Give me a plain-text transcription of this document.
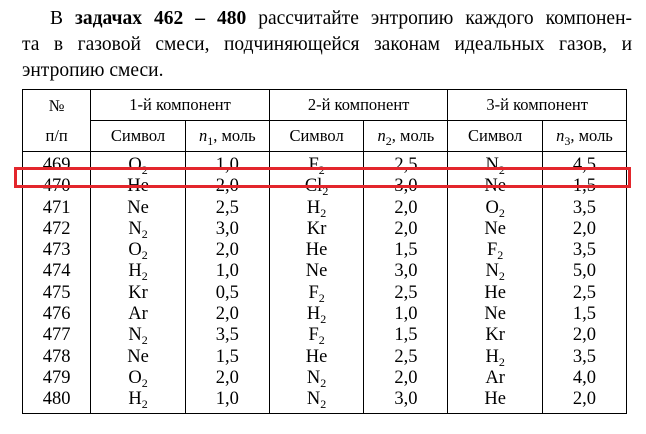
В задачах 462 – 480 рассчитайте энтропию каждого компонен-
та в газовой смеси, подчиняющейся законам идеальных газов, и
энтропию смеси.
№
п/п	1-й компонент		2-й компонент		3-й компонент	
	Символ	$n_1$, моль	Символ	$n_2$, моль	Символ	$n_3$, моль
469	$O_2$	1,0	$F_2$	2,5	$N_2$	4,5
470	He	2,0	$Cl_2$	3,0	Ne	1,5
471	Ne	2,5	$H_2$	2,0	$O_2$	3,5
472	$N_2$	3,0	Kr	2,0	Ne	2,0
473	$O_2$	2,0	He	1,5	$F_2$	3,5
474	$H_2$	1,0	Ne	3,0	$N_2$	5,0
475	Kr	0,5	$F_2$	2,5	He	2,5
476	Ar	2,0	$H_2$	1,0	Ne	1,5
477	$N_2$	3,5	$F_2$	1,5	Kr	2,0
478	Ne	1,5	He	2,5	$H_2$	3,5
479	$O_2$	2,0	$N_2$	2,0	Ar	4,0
480	$H_2$	1,0	$N_2$	3,0	He	2,0
